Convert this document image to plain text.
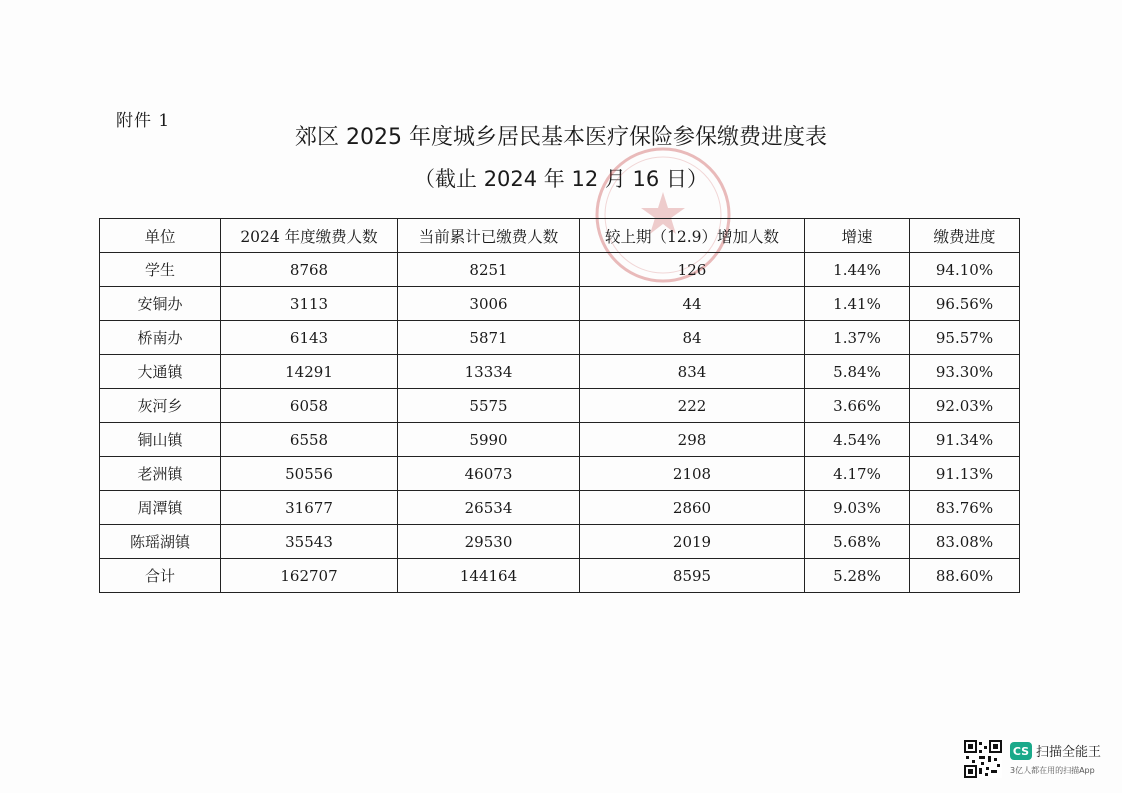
附件 1
郊区 2025 年度城乡居民基本医疗保险参保缴费进度表
（截止 2024 年 12 月 16 日）
单位	2024 年度缴费人数	当前累计已缴费人数	较上期（12.9）增加人数	增速	缴费进度
学生	8768	8251	126	1.44%	94.10%
安铜办	3113	3006	44	1.41%	96.56%
桥南办	6143	5871	84	1.37%	95.57%
大通镇	14291	13334	834	5.84%	93.30%
灰河乡	6058	5575	222	3.66%	92.03%
铜山镇	6558	5990	298	4.54%	91.34%
老洲镇	50556	46073	2108	4.17%	91.13%
周潭镇	31677	26534	2860	9.03%	83.76%
陈瑶湖镇	35543	29530	2019	5.68%	83.08%
合计	162707	144164	8595	5.28%	88.60%
CS 扫描全能王
3亿人都在用的扫描App
